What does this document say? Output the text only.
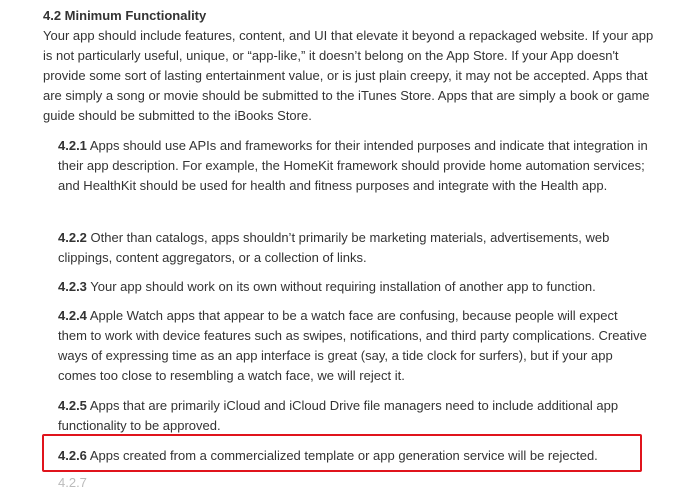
4.2 Minimum Functionality

Your app should include features, content, and UI that elevate it beyond a repackaged website. If your app is not particularly useful, unique, or “app-like,” it doesn’t belong on the App Store. If your App doesn't provide some sort of lasting entertainment value, or is just plain creepy, it may not be accepted. Apps that are simply a song or movie should be submitted to the iTunes Store. Apps that are simply a book or game guide should be submitted to the iBooks Store.

4.2.1 Apps should use APIs and frameworks for their intended purposes and indicate that integration in their app description. For example, the HomeKit framework should provide home automation services; and HealthKit should be used for health and fitness purposes and integrate with the Health app.

4.2.2 Other than catalogs, apps shouldn’t primarily be marketing materials, advertisements, web clippings, content aggregators, or a collection of links.

4.2.3 Your app should work on its own without requiring installation of another app to function.

4.2.4 Apple Watch apps that appear to be a watch face are confusing, because people will expect them to work with device features such as swipes, notifications, and third party complications. Creative ways of expressing time as an app interface is great (say, a tide clock for surfers), but if your app comes too close to resembling a watch face, we will reject it.

4.2.5 Apps that are primarily iCloud and iCloud Drive file managers need to include additional app functionality to be approved.

4.2.6 Apps created from a commercialized template or app generation service will be rejected.

4.2.7
